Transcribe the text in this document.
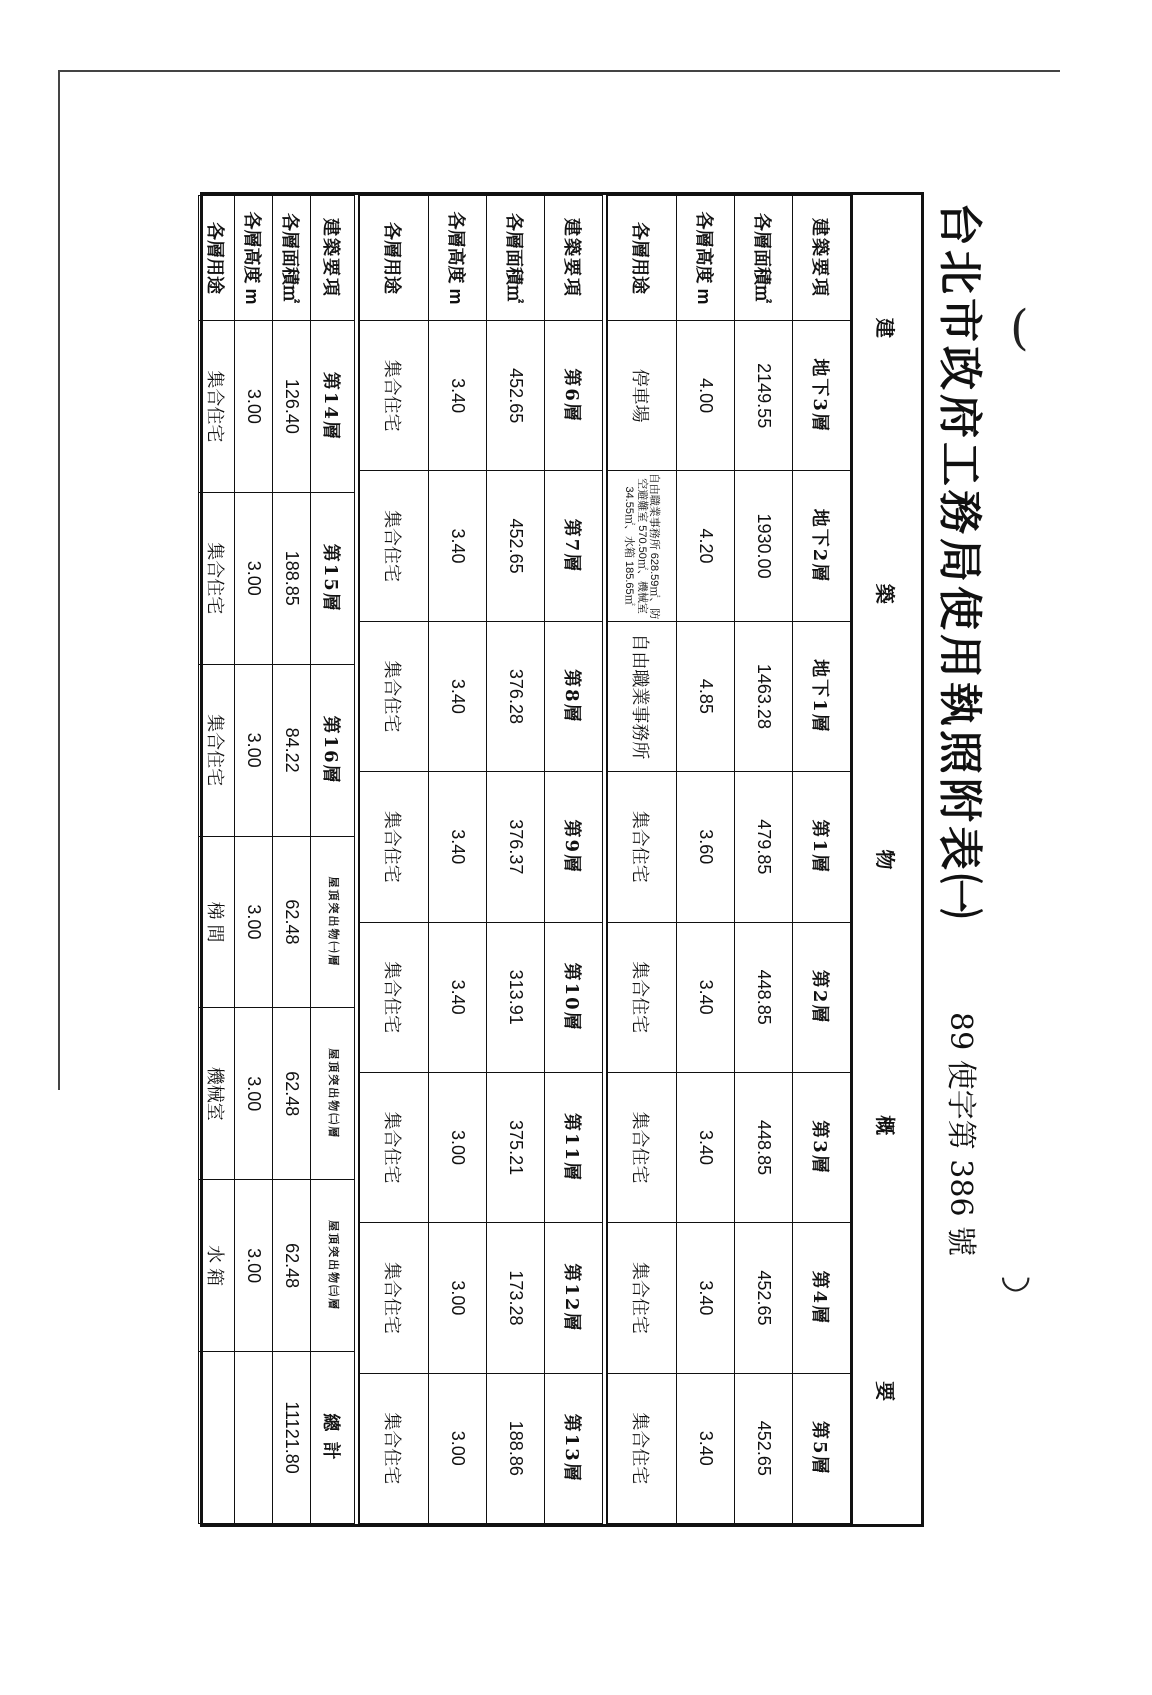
(
◡
台北市政府工務局使用執照附表㈠
89 使字第 386 號
建
築
物
概
要
建築要項	地下3層	地下2層	地下1層	第1層	第2層	第3層	第4層	第5層
各層面積㎡	2149.55	1930.00	1463.28	479.85	448.85	448.85	452.65	452.65
各層高度 m	4.00	4.20	4.85	3.60	3.40	3.40	3.40	3.40
各層用途	停車場	自由職業事務所 628.59㎡、防空避難室 570.50㎡、機械室 34.55㎡、水箱 185.65㎡	自由職業事務所	集合住宅	集合住宅	集合住宅	集合住宅	集合住宅
建築要項	第6層	第7層	第8層	第9層	第10層	第11層	第12層	第13層
各層面積㎡	452.65	452.65	376.28	376.37	313.91	375.21	173.28	188.86
各層高度 m	3.40	3.40	3.40	3.40	3.40	3.00	3.00	3.00
各層用途	集合住宅	集合住宅	集合住宅	集合住宅	集合住宅	集合住宅	集合住宅	集合住宅
建築要項	第14層	第15層	第16層	屋頂突出物㈠層	屋頂突出物㈡層	屋頂突出物㈢層	總 計
各層面積㎡	126.40	188.85	84.22	62.48	62.48	62.48	11121.80
各層高度 m	3.00	3.00	3.00	3.00	3.00	3.00	
各層用途	集合住宅	集合住宅	集合住宅	梯 間	機械室	水 箱	
